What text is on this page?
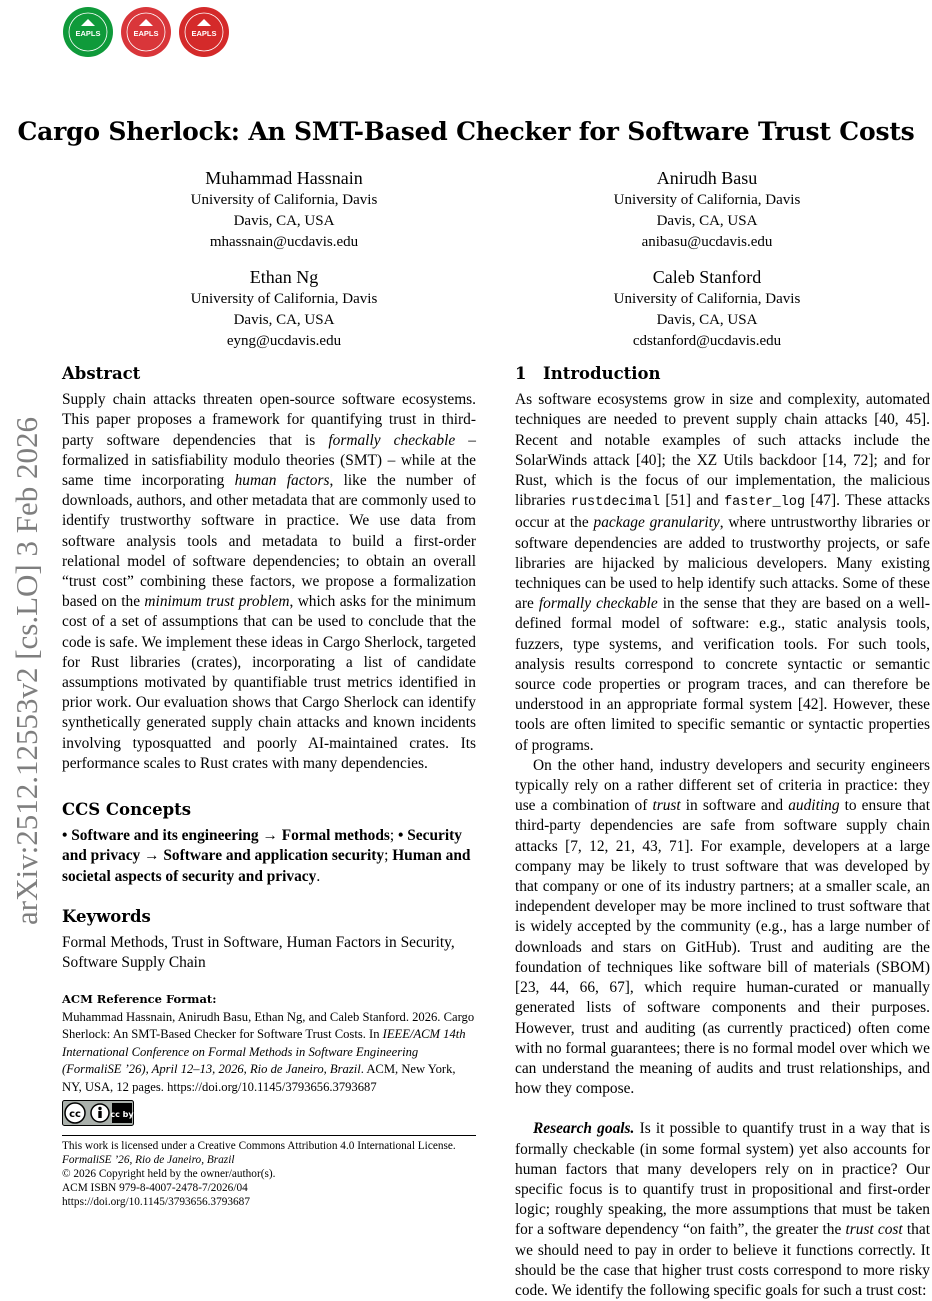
EAPLS	EAPLS	EAPLS
arXiv:2512.12553v2 [cs.LO] 3 Feb 2026
Cargo Sherlock: An SMT-Based Checker for Software Trust Costs
Muhammad Hassnain
University of California, Davis
Davis, CA, USA
mhassnain@ucdavis.edu
Anirudh Basu
University of California, Davis
Davis, CA, USA
anibasu@ucdavis.edu
Ethan Ng
University of California, Davis
Davis, CA, USA
eyng@ucdavis.edu
Caleb Stanford
University of California, Davis
Davis, CA, USA
cdstanford@ucdavis.edu
Abstract

Supply chain attacks threaten open-source software ecosystems. This paper proposes a framework for quantifying trust in third-party software dependencies that is formally checkable – formalized in satisfiability modulo theories (SMT) – while at the same time incorporating human factors, like the number of downloads, authors, and other metadata that are commonly used to identify trustworthy software in practice. We use data from software analysis tools and metadata to build a first-order relational model of software dependencies; to obtain an overall “trust cost” combining these factors, we propose a formalization based on the minimum trust problem, which asks for the minimum cost of a set of assumptions that can be used to conclude that the code is safe. We implement these ideas in Cargo Sherlock, targeted for Rust libraries (crates), incorporating a list of candidate assumptions motivated by quantifiable trust metrics identified in prior work. Our evaluation shows that Cargo Sherlock can identify synthetically generated supply chain attacks and known incidents involving typosquatted and poorly AI-maintained crates. Its performance scales to Rust crates with many dependencies.

CCS Concepts

• Software and its engineering → Formal methods; • Security and privacy → Software and application security; Human and societal aspects of security and privacy.

Keywords

Formal Methods, Trust in Software, Human Factors in Security, Software Supply Chain

ACM Reference Format:
Muhammad Hassnain, Anirudh Basu, Ethan Ng, and Caleb Stanford. 2026. Cargo Sherlock: An SMT-Based Checker for Software Trust Costs. In IEEE/ACM 14th International Conference on Formal Methods in Software Engineering (FormaliSE ’26), April 12–13, 2026, Rio de Janeiro, Brazil. ACM, New York, NY, USA, 12 pages. https://doi.org/10.1145/3793656.3793687
cc	cc by
This work is licensed under a Creative Commons Attribution 4.0 International License.
FormaliSE ’26, Rio de Janeiro, Brazil
© 2026 Copyright held by the owner/author(s).
ACM ISBN 979-8-4007-2478-7/2026/04
https://doi.org/10.1145/3793656.3793687
1 Introduction

As software ecosystems grow in size and complexity, automated techniques are needed to prevent supply chain attacks [40, 45]. Recent and notable examples of such attacks include the SolarWinds attack [40]; the XZ Utils backdoor [14, 72]; and for Rust, which is the focus of our implementation, the malicious libraries rustdecimal [51] and faster_log [47]. These attacks occur at the package granularity, where untrustworthy libraries or software dependencies are added to trustworthy projects, or safe libraries are hijacked by malicious developers. Many existing techniques can be used to help identify such attacks. Some of these are formally checkable in the sense that they are based on a well-defined formal model of software: e.g., static analysis tools, fuzzers, type systems, and verification tools. For such tools, analysis results correspond to concrete syntactic or semantic source code properties or program traces, and can therefore be understood in an appropriate formal system [42]. However, these tools are often limited to specific semantic or syntactic properties of programs.

On the other hand, industry developers and security engineers typically rely on a rather different set of criteria in practice: they use a combination of trust in software and auditing to ensure that third-party dependencies are safe from software supply chain attacks [7, 12, 21, 43, 71]. For example, developers at a large company may be likely to trust software that was developed by that company or one of its industry partners; at a smaller scale, an independent developer may be more inclined to trust software that is widely accepted by the community (e.g., has a large number of downloads and stars on GitHub). Trust and auditing are the foundation of techniques like software bill of materials (SBOM) [23, 44, 66, 67], which require human-curated or manually generated lists of software components and their purposes. However, trust and auditing (as currently practiced) often come with no formal guarantees; there is no formal model over which we can understand the meaning of audits and trust relationships, and how they compose.

Research goals. Is it possible to quantify trust in a way that is formally checkable (in some formal system) yet also accounts for human factors that many developers rely on in practice? Our specific focus is to quantify trust in propositional and first-order logic; roughly speaking, the more assumptions that must be taken for a software dependency “on faith”, the greater the trust cost that we should need to pay in order to believe it functions correctly. It should be the case that higher trust costs correspond to more risky code. We identify the following specific goals for such a trust cost:
